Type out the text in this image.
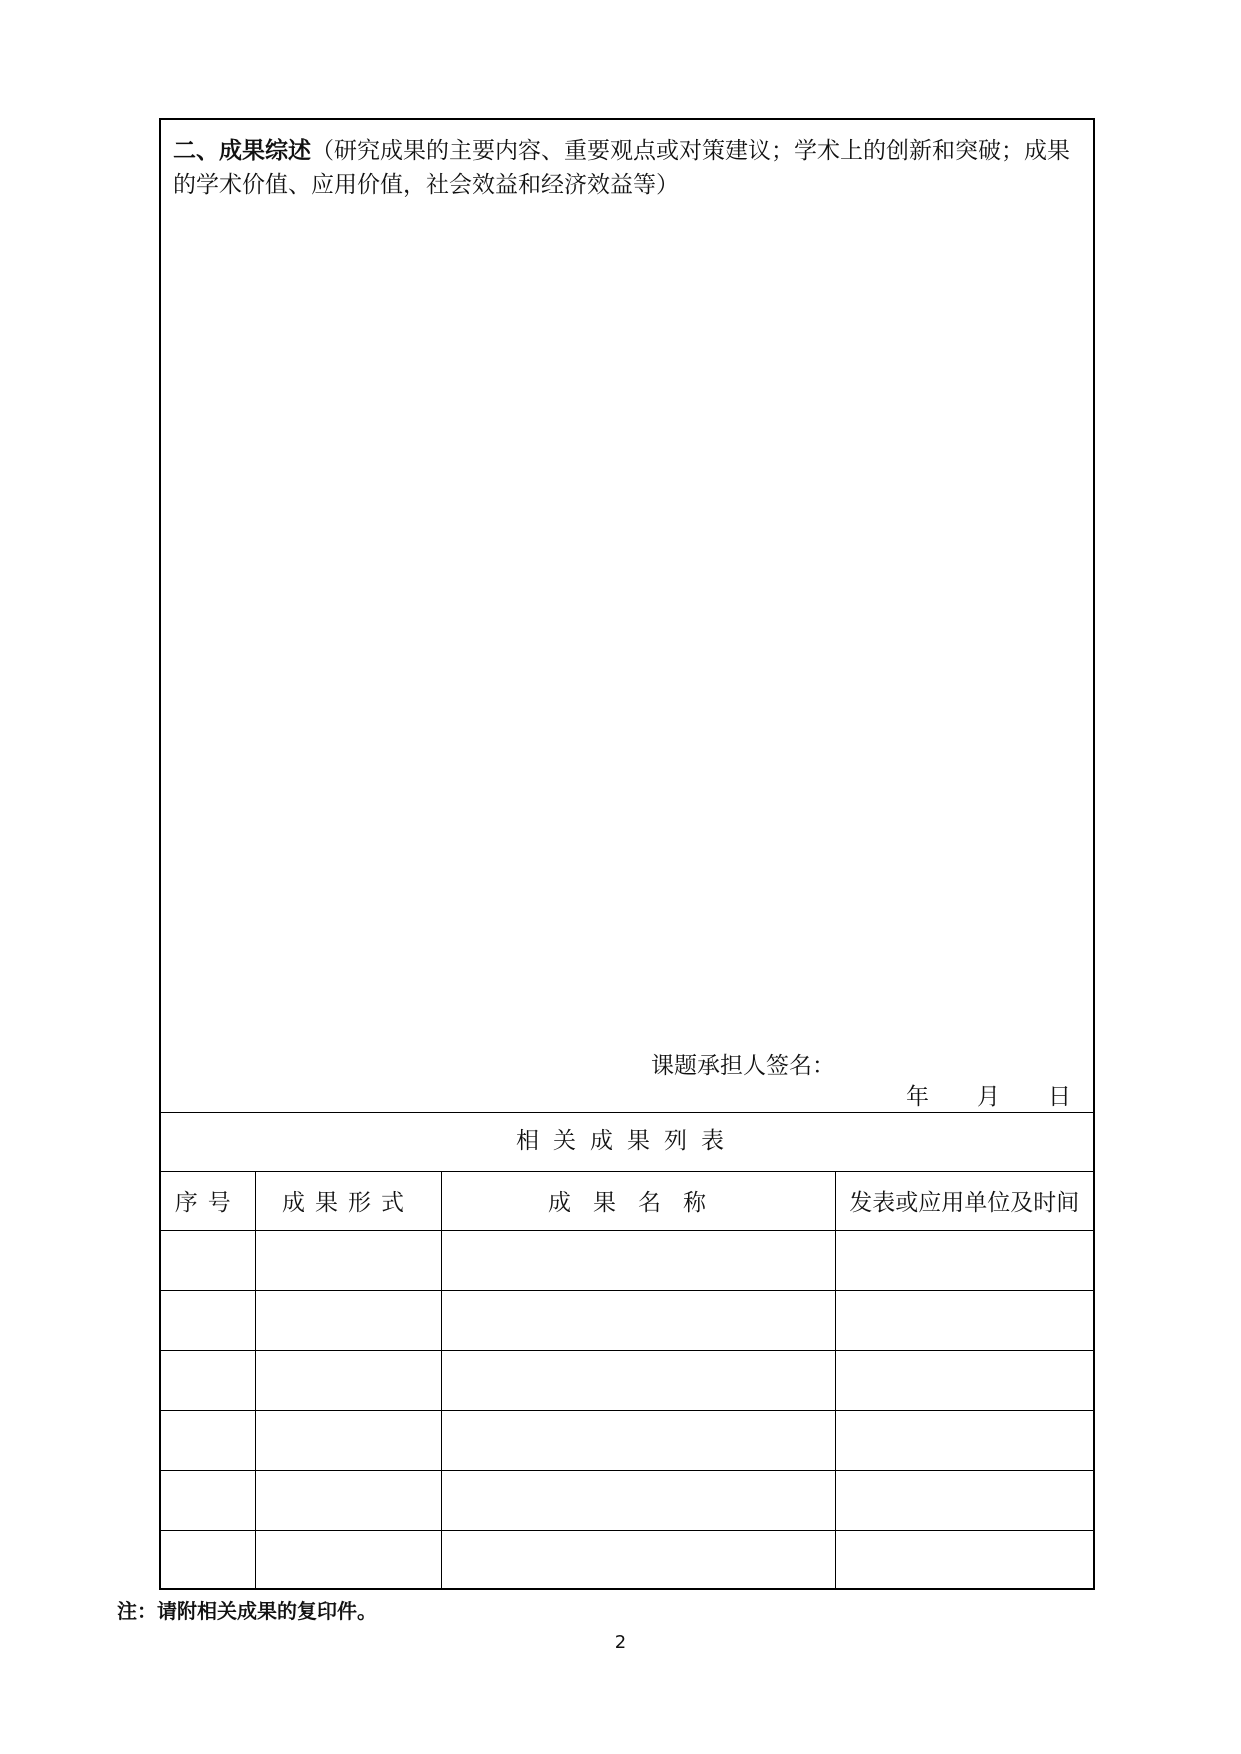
二、成果综述（研究成果的主要内容、重要观点或对策建议；学术上的创新和突破；成果的学术价值、应用价值，社会效益和经济效益等）
课题承担人签名：
年 月 日
相关成果列表
序号	成果形式	成果名称	发表或应用单位及时间

注：请附相关成果的复印件。
2
